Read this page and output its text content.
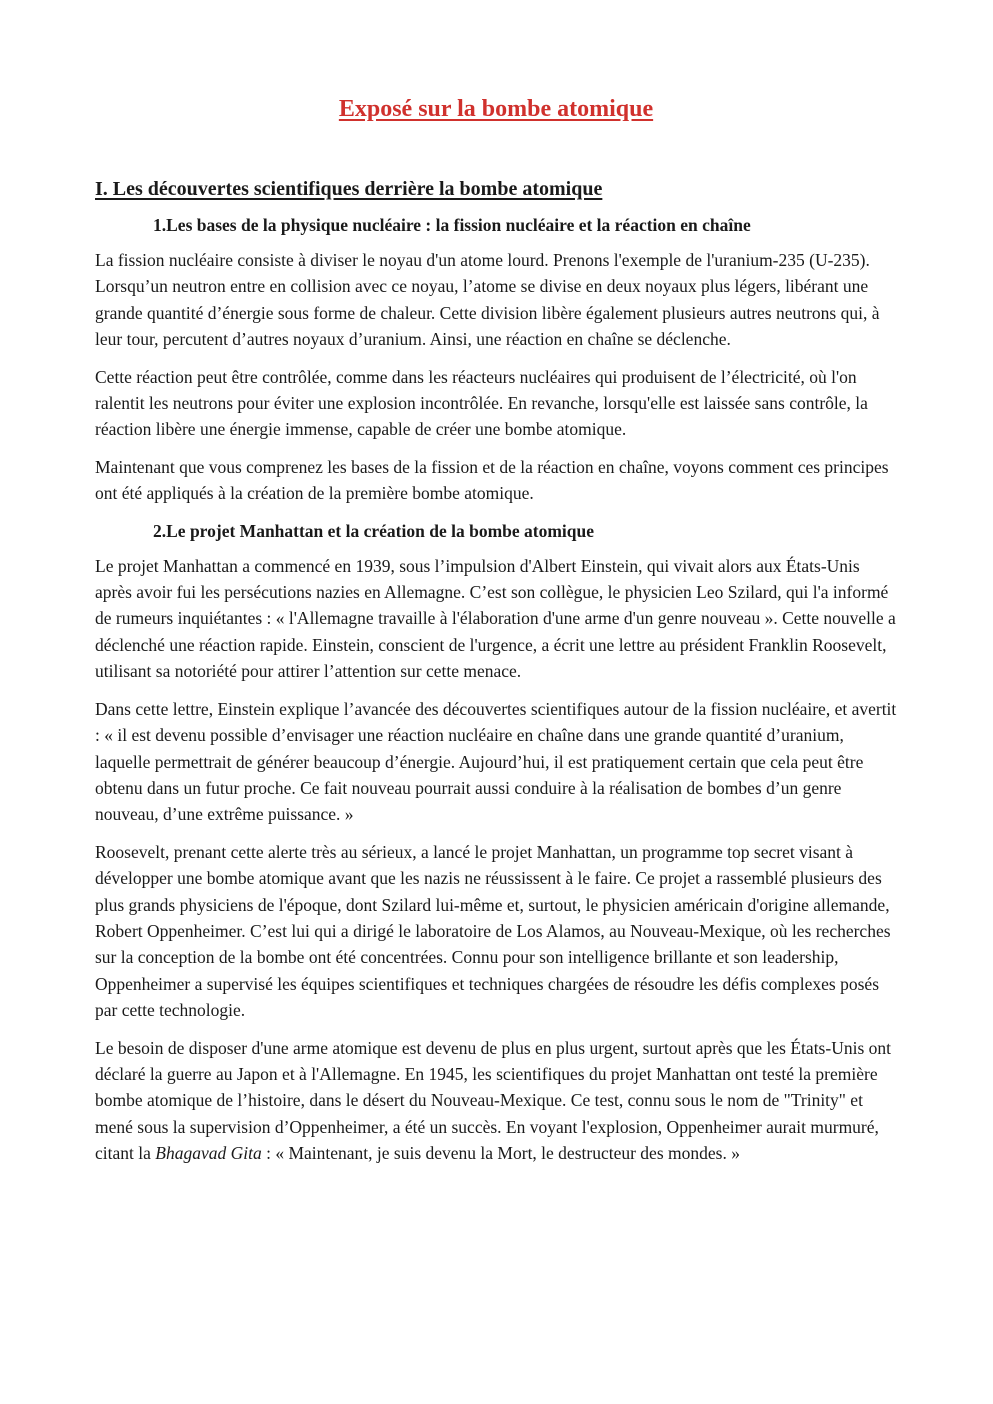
Exposé sur la bombe atomique
I. Les découvertes scientifiques derrière la bombe atomique
1.Les bases de la physique nucléaire : la fission nucléaire et la réaction en chaîne

La fission nucléaire consiste à diviser le noyau d'un atome lourd. Prenons l'exemple de l'uranium-235 (U-235). Lorsqu’un neutron entre en collision avec ce noyau, l’atome se divise en deux noyaux plus légers, libérant une grande quantité d’énergie sous forme de chaleur. Cette division libère également plusieurs autres neutrons qui, à leur tour, percutent d’autres noyaux d’uranium. Ainsi, une réaction en chaîne se déclenche.

Cette réaction peut être contrôlée, comme dans les réacteurs nucléaires qui produisent de l’électricité, où l'on ralentit les neutrons pour éviter une explosion incontrôlée. En revanche, lorsqu'elle est laissée sans contrôle, la réaction libère une énergie immense, capable de créer une bombe atomique.

Maintenant que vous comprenez les bases de la fission et de la réaction en chaîne, voyons comment ces principes ont été appliqués à la création de la première bombe atomique.

2.Le projet Manhattan et la création de la bombe atomique

Le projet Manhattan a commencé en 1939, sous l’impulsion d'Albert Einstein, qui vivait alors aux États-Unis après avoir fui les persécutions nazies en Allemagne. C’est son collègue, le physicien Leo Szilard, qui l'a informé de rumeurs inquiétantes : « l'Allemagne travaille à l'élaboration d'une arme d'un genre nouveau ». Cette nouvelle a déclenché une réaction rapide. Einstein, conscient de l'urgence, a écrit une lettre au président Franklin Roosevelt, utilisant sa notoriété pour attirer l’attention sur cette menace.

Dans cette lettre, Einstein explique l’avancée des découvertes scientifiques autour de la fission nucléaire, et avertit : « il est devenu possible d’envisager une réaction nucléaire en chaîne dans une grande quantité d’uranium, laquelle permettrait de générer beaucoup d’énergie. Aujourd’hui, il est pratiquement certain que cela peut être obtenu dans un futur proche. Ce fait nouveau pourrait aussi conduire à la réalisation de bombes d’un genre nouveau, d’une extrême puissance. »

Roosevelt, prenant cette alerte très au sérieux, a lancé le projet Manhattan, un programme top secret visant à développer une bombe atomique avant que les nazis ne réussissent à le faire. Ce projet a rassemblé plusieurs des plus grands physiciens de l'époque, dont Szilard lui-même et, surtout, le physicien américain d'origine allemande, Robert Oppenheimer. C’est lui qui a dirigé le laboratoire de Los Alamos, au Nouveau-Mexique, où les recherches sur la conception de la bombe ont été concentrées. Connu pour son intelligence brillante et son leadership, Oppenheimer a supervisé les équipes scientifiques et techniques chargées de résoudre les défis complexes posés par cette technologie.

Le besoin de disposer d'une arme atomique est devenu de plus en plus urgent, surtout après que les États-Unis ont déclaré la guerre au Japon et à l'Allemagne. En 1945, les scientifiques du projet Manhattan ont testé la première bombe atomique de l’histoire, dans le désert du Nouveau-Mexique. Ce test, connu sous le nom de "Trinity" et mené sous la supervision d’Oppenheimer, a été un succès. En voyant l'explosion, Oppenheimer aurait murmuré, citant la Bhagavad Gita : « Maintenant, je suis devenu la Mort, le destructeur des mondes. »
